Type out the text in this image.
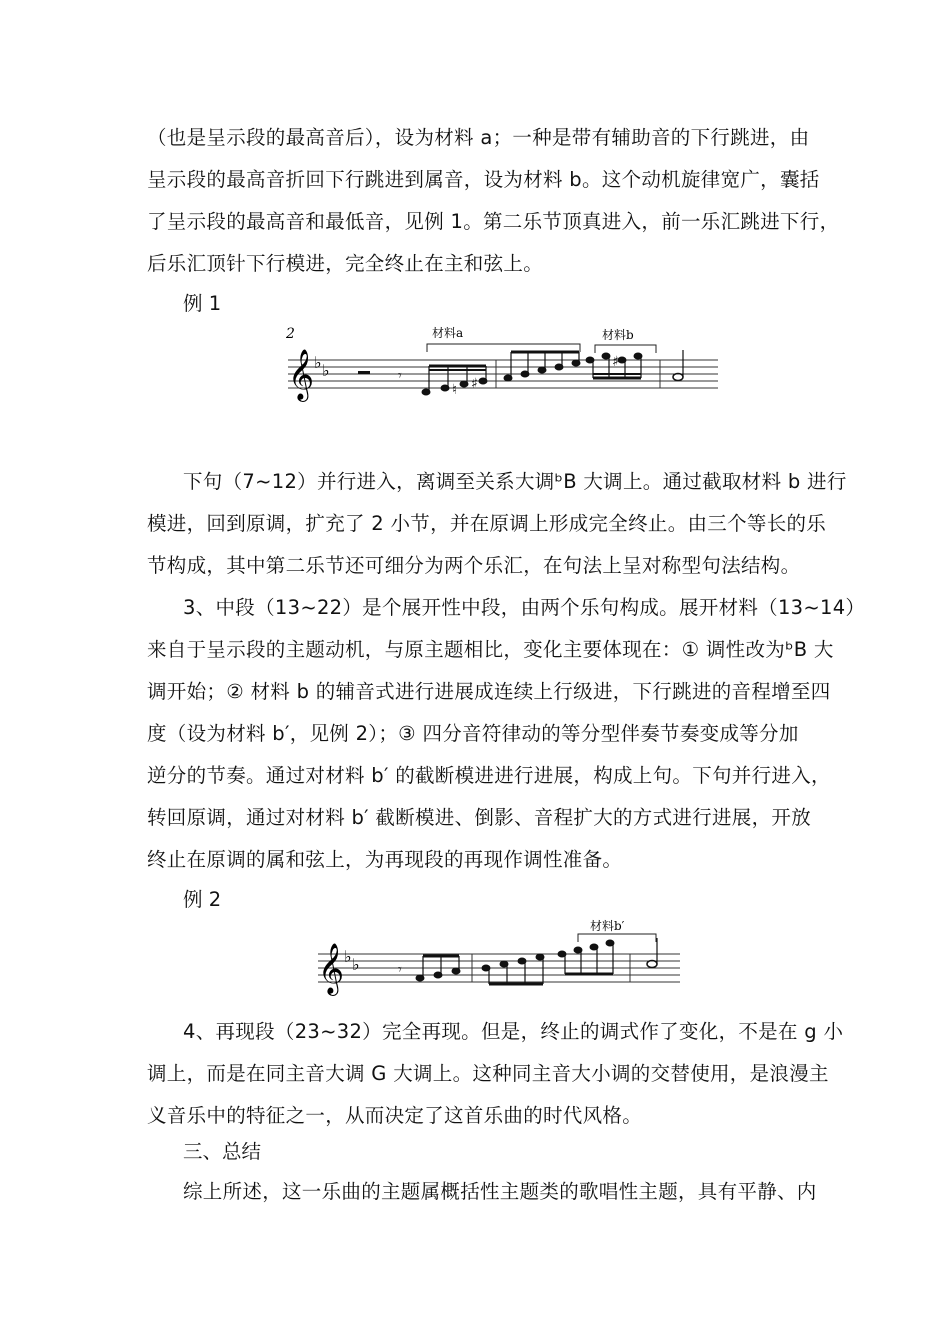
（也是呈示段的最高音后），设为材料 a；一种是带有辅助音的下行跳进，由
呈示段的最高音折回下行跳进到属音，设为材料 b。这个动机旋律宽广，囊括
了呈示段的最高音和最低音，见例 1。第二乐节顶真进入，前一乐汇跳进下行，
后乐汇顶针下行模进，完全终止在主和弦上。
例 1
2	材料a	材料b
𝄞 ♭ ♭	𝄾
♮ ♯
♯
下句（7~12）并行进入，离调至关系大调ᵇB 大调上。通过截取材料 b 进行
模进，回到原调，扩充了 2 小节，并在原调上形成完全终止。由三个等长的乐
节构成，其中第二乐节还可细分为两个乐汇，在句法上呈对称型句法结构。
3、中段（13~22）是个展开性中段，由两个乐句构成。展开材料（13~14）
来自于呈示段的主题动机，与原主题相比，变化主要体现在：① 调性改为ᵇB 大
调开始；② 材料 b 的辅音式进行进展成连续上行级进，下行跳进的音程增至四
度（设为材料 b′，见例 2）；③ 四分音符律动的等分型伴奏节奏变成等分加
逆分的节奏。通过对材料 b′ 的截断模进进行进展，构成上句。下句并行进入，
转回原调，通过对材料 b′ 截断模进、倒影、音程扩大的方式进行进展，开放
终止在原调的属和弦上，为再现段的再现作调性准备。
例 2
材料b′
𝄞 ♭ ♭	𝄾
4、再现段（23~32）完全再现。但是，终止的调式作了变化，不是在 g 小
调上，而是在同主音大调 G 大调上。这种同主音大小调的交替使用，是浪漫主
义音乐中的特征之一，从而决定了这首乐曲的时代风格。
三、总结
综上所述，这一乐曲的主题属概括性主题类的歌唱性主题，具有平静、内
